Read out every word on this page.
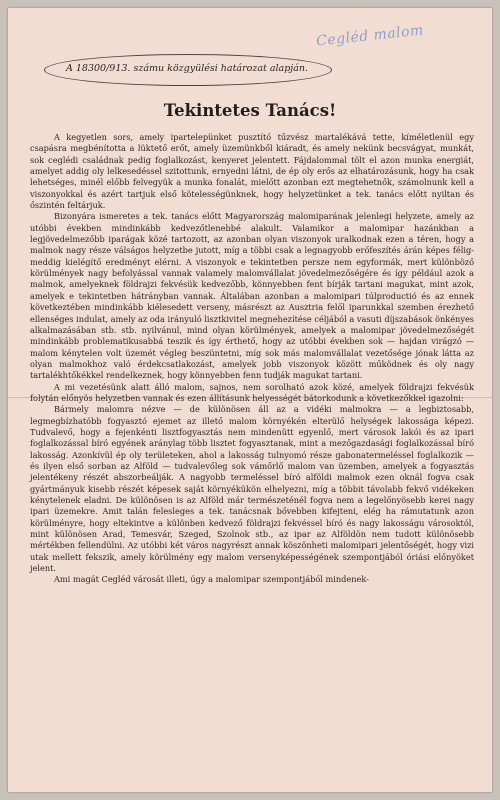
Cegléd malom
A 18300/913. számu közgyülési határozat alapján.
Tekintetes Tanács!

A kegyetlen sors, amely ipartelepünket pusztító tűzvész martalékává tette, kíméletlenül egy csapásra megbénította a lüktető erőt, amely üzemünkből kiáradt, és amely nekünk becsvágyat, munkát, sok ceglédi családnak pedig foglalkozást, kenyeret jelentett. Fájdalommal tölt el azon munka energiát, amelyet addig oly lelkesedéssel szitottunk, ernyedni látni, de ép oly erős az elhatározásunk, hogy ha csak lehetséges, minél előbb felvegyük a munka fonalát, mielőtt azonban ezt megtehetnők, számolnunk kell a viszonyokkal és azért tartjuk első kötelességünknek, hogy helyzetünket a tek. tanács előtt nyiltan és őszintén feltárjuk.

Bizonyára ismeretes a tek. tanács előtt Magyarország malomiparának jelenlegi helyzete, amely az utóbbi években mindinkább kedvezőtlenebbé alakult. Valamikor a malomipar hazánkban a legjövedelmezőbb iparágak közé tartozott, az azonban olyan viszonyok uralkodnak ezen a téren, hogy a malmok nagy része válságos helyzetbe jutott, míg a többi csak a legnagyobb erőfeszítés árán képes félig-meddig kielégítő eredményt elérni. A viszonyok e tekintetben persze nem egyformák, mert különböző körülmények nagy befolyással vannak valamely malomvállalat jövedelmezőségére és így például azok a malmok, amelyeknek földrajzi fekvésük kedvezőbb, könnyebben fent bírják tartani magukat, mint azok, amelyek e tekintetben hátrányban vannak. Általában azonban a malomipari túlproductió és az ennek következtében mindinkább kiélesedett verseny, másrészt az Ausztria felől iparunkkal szemben érezhető ellenséges indulat, amely az oda irányuló lisztkivitel megnehezítése céljából a vasuti díjszabások önkényes alkalmazásában stb. stb. nyilvánul, mind olyan körülmények, amelyek a malomipar jövedelmezőségét mindinkább problematikusabbá teszik és így érthető, hogy az utóbbi években sok — hajdan virágzó — malom kénytelen volt üzemét végleg beszüntetni, míg sok más malomvállalat vezetősége jónak látta az olyan malmokhoz való érdekcsatlakozást, amelyek jobb viszonyok között működnek és oly nagy tartalékhtőkékkel rendelkeznek, hogy könnyebben fenn tudják magukat tartani.

A mi vezetésünk alatt álló malom, sajnos, nem sorolható azok közé, amelyek földrajzi fekvésük folytán előnyös helyzetben vannak és ezen állításunk helyességét bátorkodunk a következőkkel igazolni:

Bármely malomra nézve — de különösen áll az a vidéki malmokra — a legbiztosabb, legmegbízhatóbb fogyasztó ejemet az illető malom környékén elterülő helységek lakossága képezi. Tudvalevő, hogy a fejenkénti lisztfogyasztás nem mindenütt egyenlő, mert városok lakói és az ipari foglalkozással bíró egyének aránylag több lisztet fogyasztanak, mint a mezőgazdasági foglalkozással bíró lakosság. Azonkívül ép oly területeken, ahol a lakosság tulnyomó része gabonatermeléssel foglalkozik — és ilyen első sorban az Alföld — tudvalevőleg sok vámőrlő malom van üzemben, amelyek a fogyasztás jelentékeny részét abszorbeálják. A nagyobb termeléssel bíró alföldi malmok ezen oknál fogva csak gyártmányuk kisebb részét képesek saját környékükön elhelyezni, míg a többit távolabb fekvő vidékeken kénytelenek eladni. De különösen is az Alföld már természeténél fogva nem a legelőnyösebb kerei nagy ipari üzemekre. Amit talán felesleges a tek. tanácsnak bővebben kifejteni, elég ha rámutatunk azon körülményre, hogy eltekintve a különben kedvező földrajzi fekvéssel bíró és nagy lakosságu városoktól, mint különösen Arad, Temesvár, Szeged, Szolnok stb., az ipar az Alföldön nem tudott különösebb mértékben fellendülni. Az utóbbi két város nagyrészt annak köszönheti malomipari jelentőségét, hogy vizi utak mellett fekszik, amely körülmény egy malom versenyképességének szempontjából óriási előnyöket jelent.

Ami magát Cegléd városát illeti, úgy a malomipar szempontjából mindenek-
